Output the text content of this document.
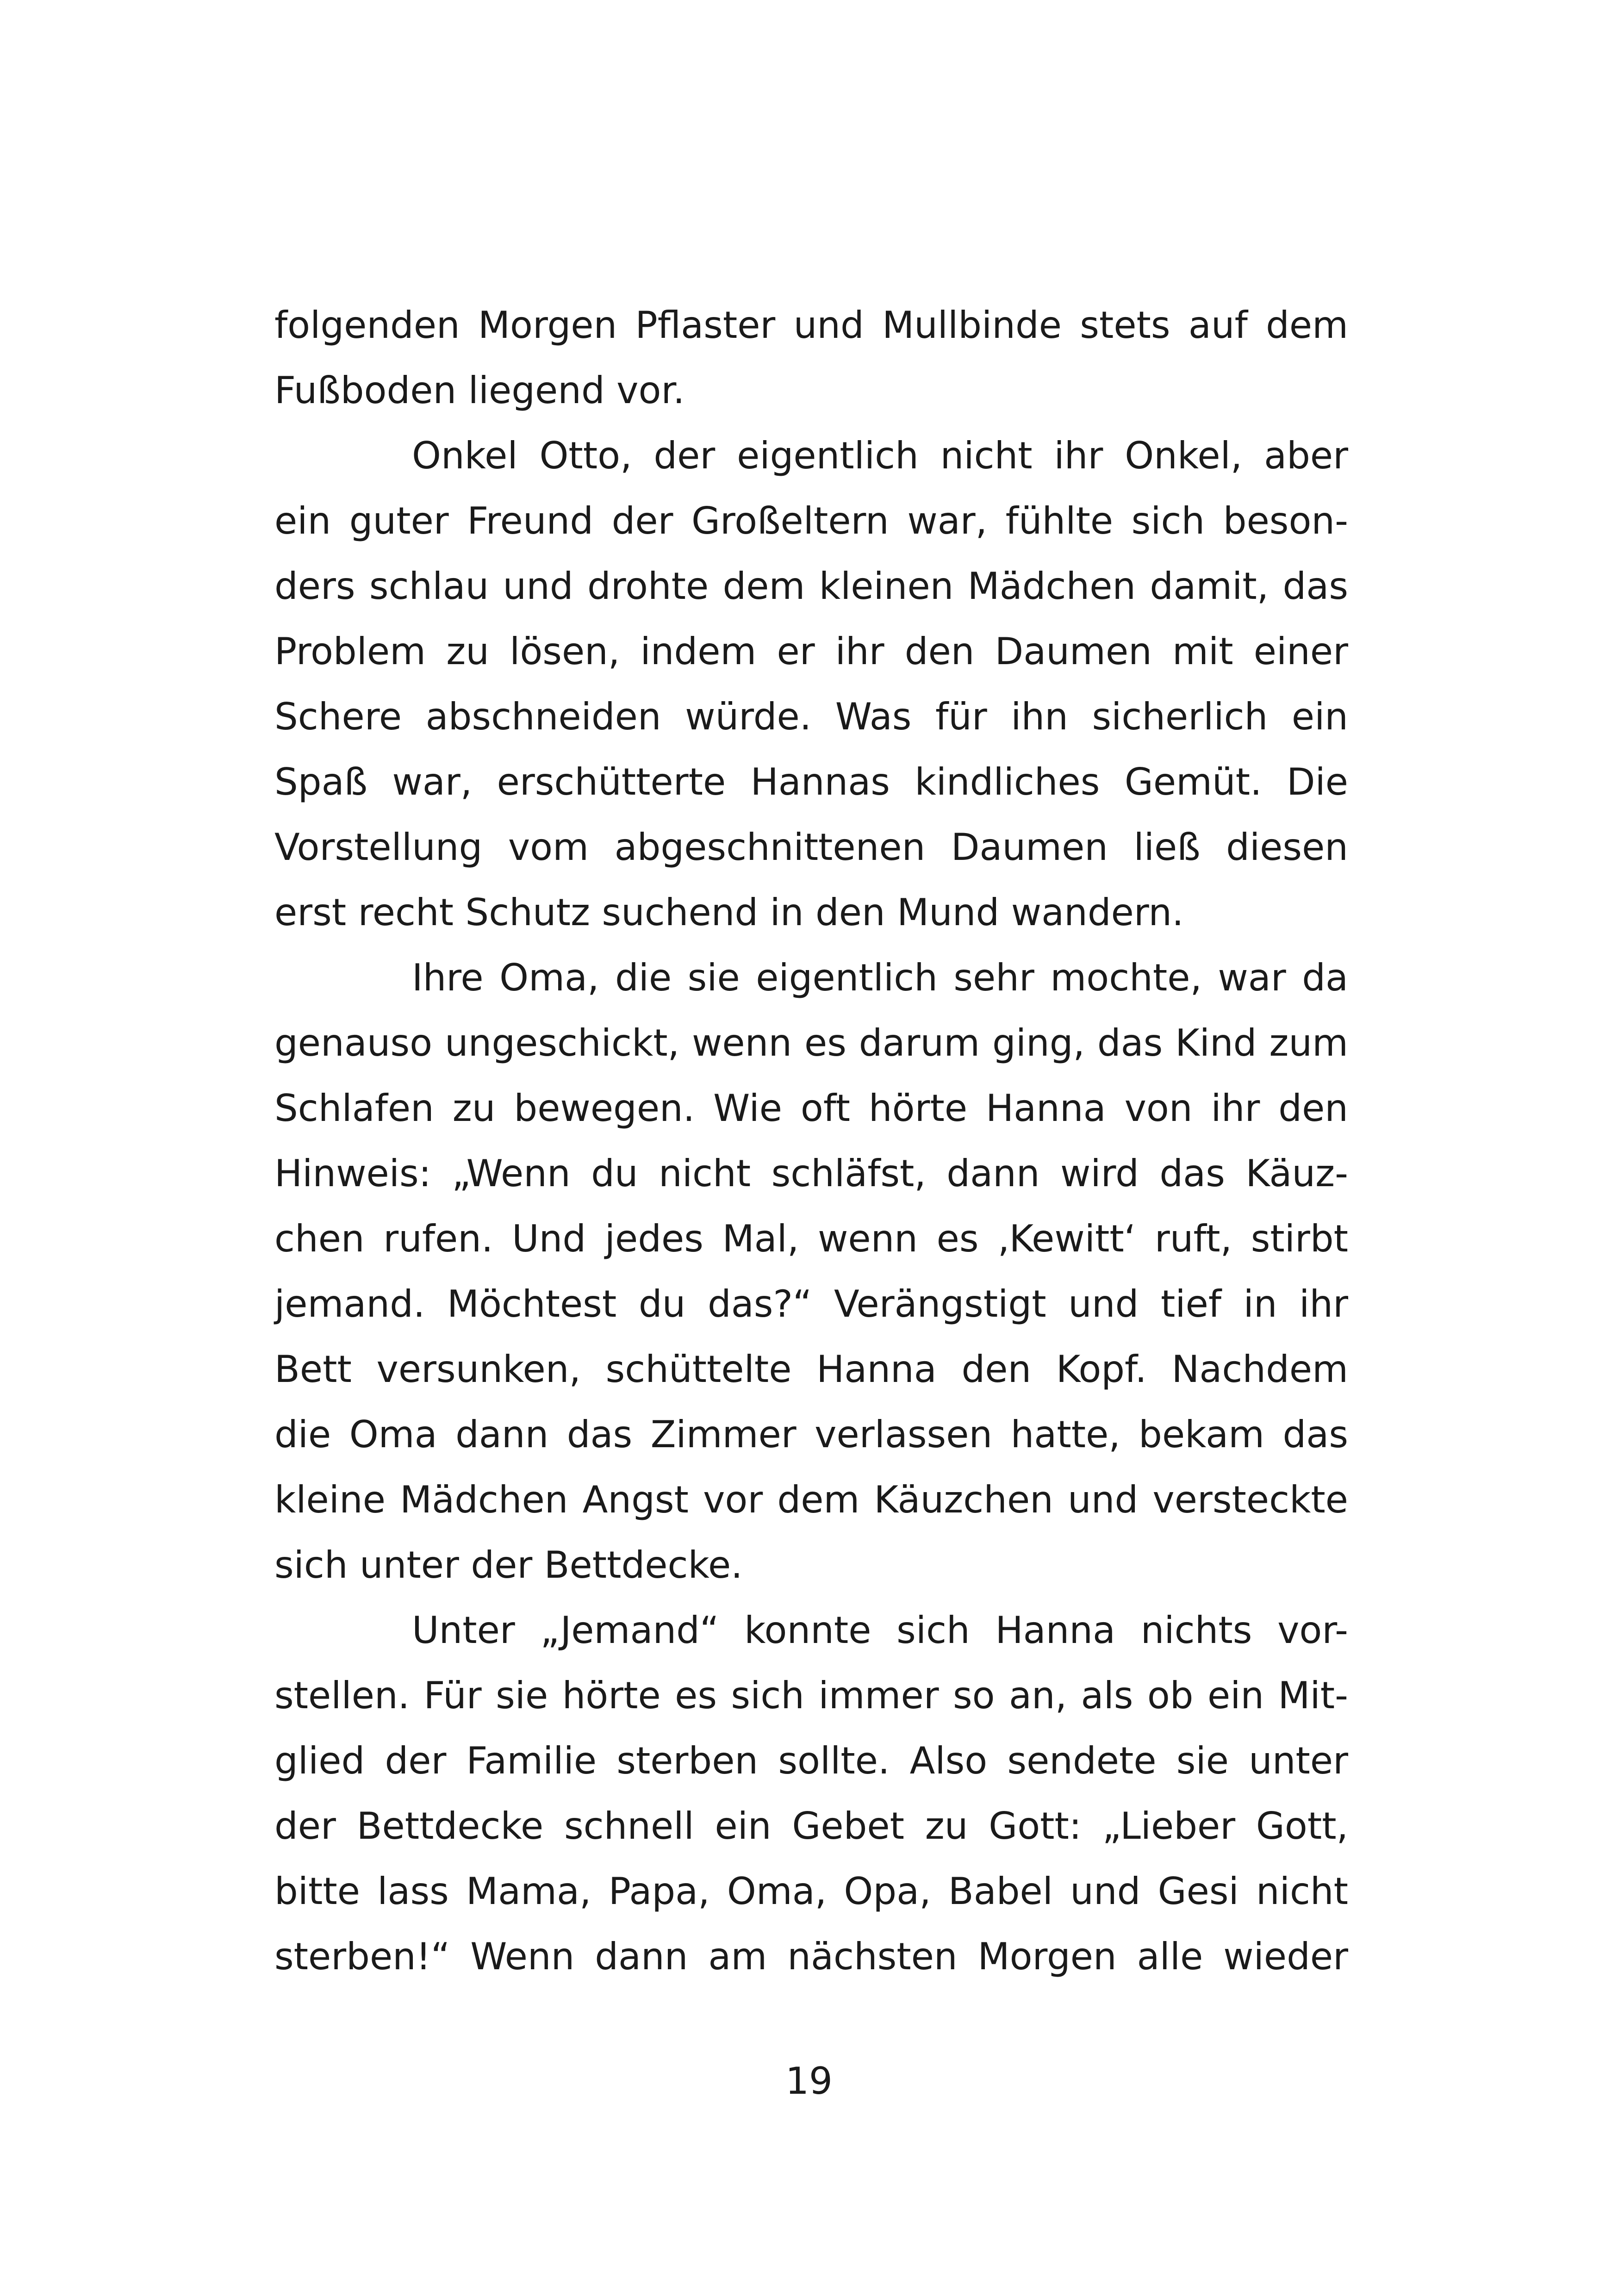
folgenden Morgen Pflaster und Mullbinde stets auf dem
Fußboden liegend vor.
Onkel Otto, der eigentlich nicht ihr Onkel, aber
ein guter Freund der Großeltern war, fühlte sich beson-
ders schlau und drohte dem kleinen Mädchen damit, das
Problem zu lösen, indem er ihr den Daumen mit einer
Schere abschneiden würde. Was für ihn sicherlich ein
Spaß war, erschütterte Hannas kindliches Gemüt. Die
Vorstellung vom abgeschnittenen Daumen ließ diesen
erst recht Schutz suchend in den Mund wandern.
Ihre Oma, die sie eigentlich sehr mochte, war da
genauso ungeschickt, wenn es darum ging, das Kind zum
Schlafen zu bewegen. Wie oft hörte Hanna von ihr den
Hinweis: „Wenn du nicht schläfst, dann wird das Käuz-
chen rufen. Und jedes Mal, wenn es ‚Kewitt‘ ruft, stirbt
jemand. Möchtest du das?“ Verängstigt und tief in ihr
Bett versunken, schüttelte Hanna den Kopf. Nachdem
die Oma dann das Zimmer verlassen hatte, bekam das
kleine Mädchen Angst vor dem Käuzchen und versteckte
sich unter der Bettdecke.
Unter „Jemand“ konnte sich Hanna nichts vor-
stellen. Für sie hörte es sich immer so an, als ob ein Mit-
glied der Familie sterben sollte. Also sendete sie unter
der Bettdecke schnell ein Gebet zu Gott: „Lieber Gott,
bitte lass Mama, Papa, Oma, Opa, Babel und Gesi nicht
sterben!“ Wenn dann am nächsten Morgen alle wieder
19
